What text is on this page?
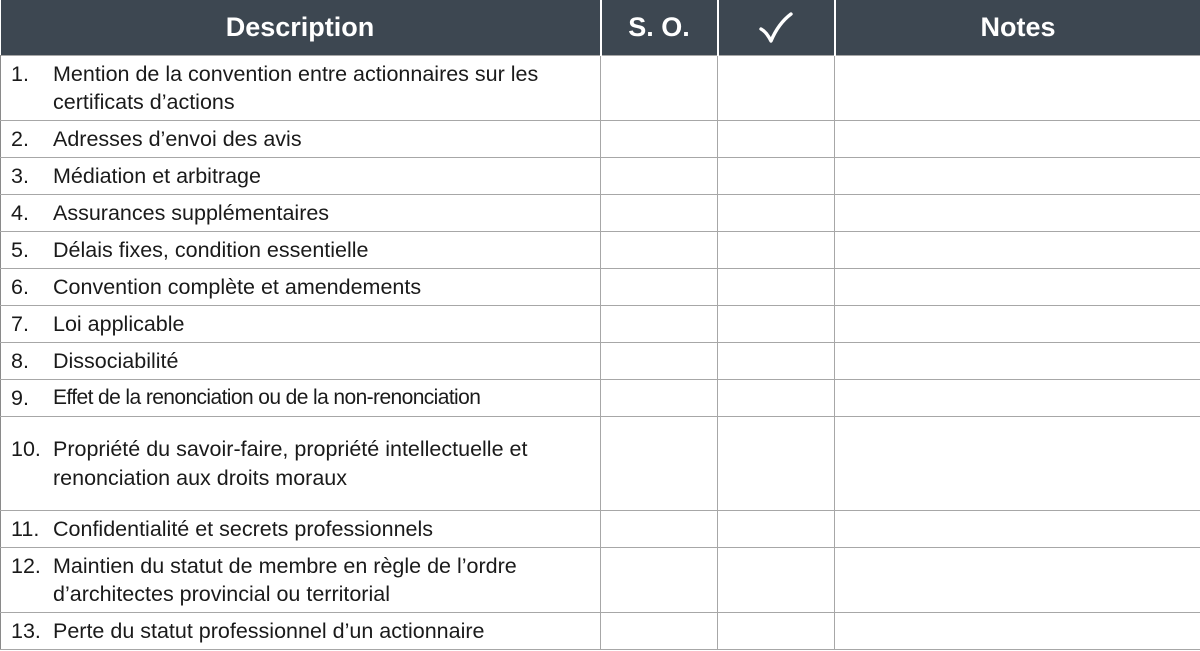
Description	S. O.		Notes

1. Mention de la convention entre actionnaires sur les certificats d’actions			

2. Adresses d’envoi des avis			

3. Médiation et arbitrage			

4. Assurances supplémentaires			

5. Délais fixes, condition essentielle			

6. Convention complète et amendements			

7. Loi applicable			

8. Dissociabilité			

9. Effet de la renonciation ou de la non-renonciation			

10. Propriété du savoir-faire, propriété intellectuelle et renonciation aux droits moraux			

11. Confidentialité et secrets professionnels			

12. Maintien du statut de membre en règle de l’ordre d’architectes provincial ou territorial			

13. Perte du statut professionnel d’un actionnaire			
